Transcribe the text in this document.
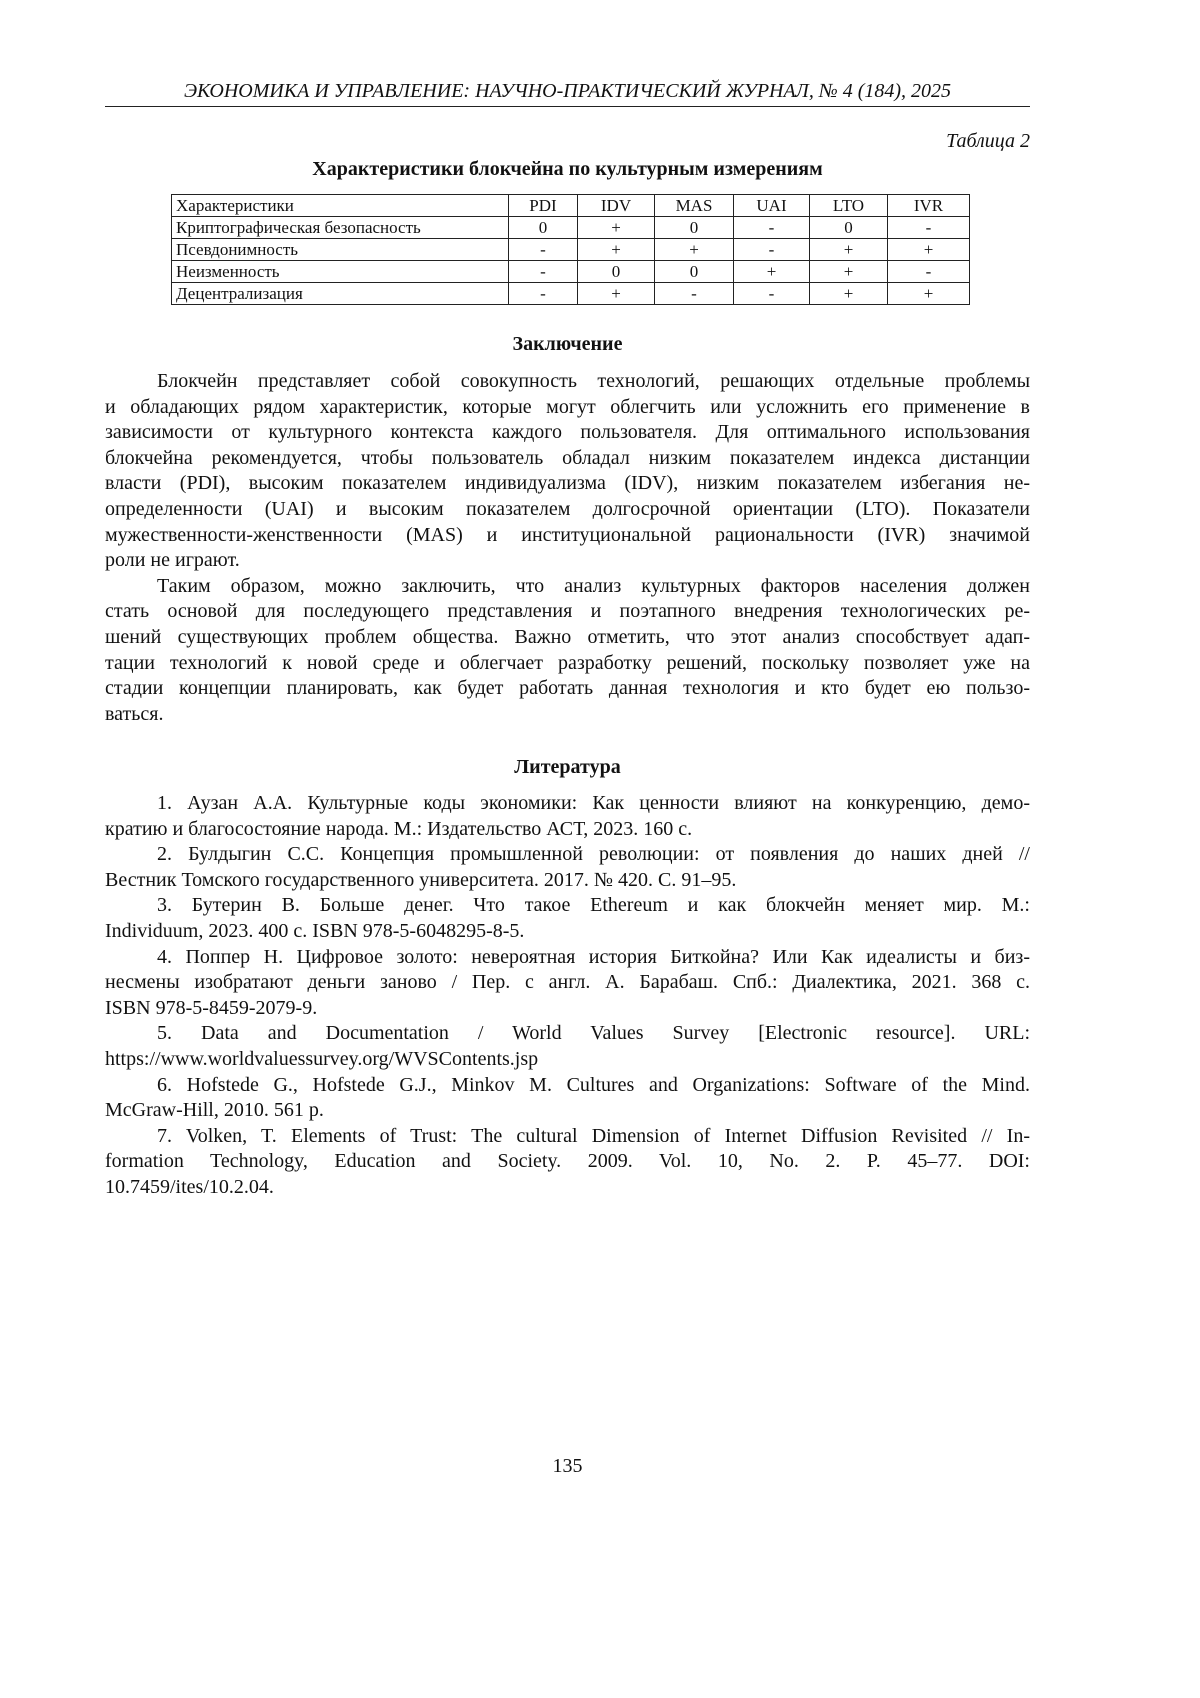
ЭКОНОМИКА И УПРАВЛЕНИЕ: НАУЧНО-ПРАКТИЧЕСКИЙ ЖУРНАЛ, № 4 (184), 2025
Таблица 2
Характеристики блокчейна по культурным измерениям
Характеристики	PDI	IDV	MAS	UAI	LTO	IVR
Криптографическая безопасность	0	+	0	-	0	-
Псевдонимность	-	+	+	-	+	+
Неизменность	-	0	0	+	+	-
Децентрализация	-	+	-	-	+	+
Заключение
Блокчейн представляет собой совокупность технологий, решающих отдельные проблемы
и обладающих рядом характеристик, которые могут облегчить или усложнить его применение в
зависимости от культурного контекста каждого пользователя. Для оптимального использования
блокчейна рекомендуется, чтобы пользователь обладал низким показателем индекса дистанции
власти (PDI), высоким показателем индивидуализма (IDV), низким показателем избегания не-
определенности (UAI) и высоким показателем долгосрочной ориентации (LTO). Показатели
мужественности-женственности (MAS) и институциональной рациональности (IVR) значимой
роли не играют.
Таким образом, можно заключить, что анализ культурных факторов населения должен
стать основой для последующего представления и поэтапного внедрения технологических ре-
шений существующих проблем общества. Важно отметить, что этот анализ способствует адап-
тации технологий к новой среде и облегчает разработку решений, поскольку позволяет уже на
стадии концепции планировать, как будет работать данная технология и кто будет ею пользо-
ваться.
Литература
1. Аузан А.А. Культурные коды экономики: Как ценности влияют на конкуренцию, демо-
кратию и благосостояние народа. М.: Издательство АСТ, 2023. 160 с.
2. Булдыгин С.С. Концепция промышленной революции: от появления до наших дней //
Вестник Томского государственного университета. 2017. № 420. С. 91–95.
3. Бутерин В. Больше денег. Что такое Ethereum и как блокчейн меняет мир. М.:
Individuum, 2023. 400 с. ISBN 978-5-6048295-8-5.
4. Поппер Н. Цифровое золото: невероятная история Биткойна? Или Как идеалисты и биз-
несмены изобратают деньги заново / Пер. с англ. А. Барабаш. Спб.: Диалектика, 2021. 368 с.
ISBN 978-5-8459-2079-9.
5. Data and Documentation / World Values Survey [Electronic resource]. URL:
https://www.worldvaluessurvey.org/WVSContents.jsp
6. Hofstede G., Hofstede G.J., Minkov M. Cultures and Organizations: Software of the Mind.
McGraw-Hill, 2010. 561 p.
7. Volken, T. Elements of Trust: The cultural Dimension of Internet Diffusion Revisited // In-
formation Technology, Education and Society. 2009. Vol. 10, No. 2. P. 45–77. DOI:
10.7459/ites/10.2.04.
135
